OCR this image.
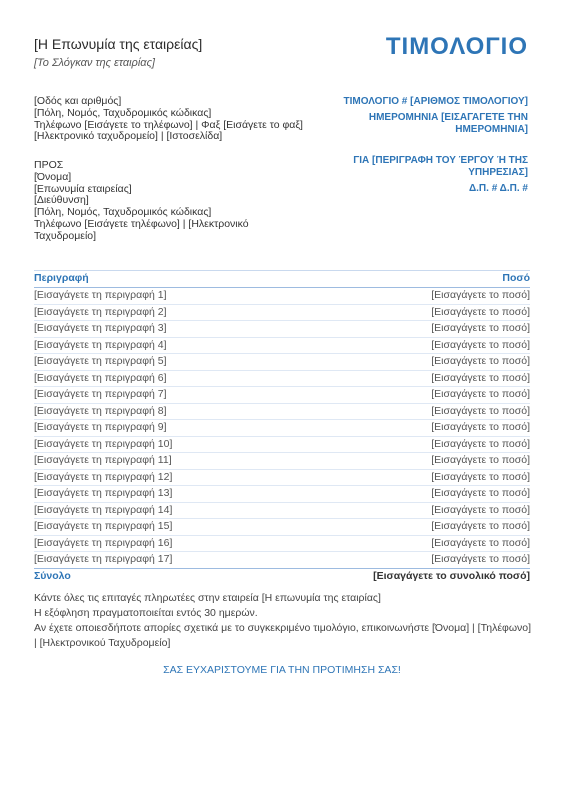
[Η Επωνυμία της εταιρείας]
[Το Σλόγκαν της εταιρίας]
ΤΙΜΟΛΟΓΙΟ
[Οδός και αριθμός]
[Πόλη, Νομός, Ταχυδρομικός κώδικας]
Τηλέφωνο [Εισάγετε το τηλέφωνο] | Φαξ [Εισάγετε το φαξ]
[Ηλεκτρονικό ταχυδρομείο] | [Ιστοσελίδα]
ΤΙΜΟΛΟΓΙΟ # [ΑΡΙΘΜΟΣ ΤΙΜΟΛΟΓΙΟΥ]
ΗΜΕΡΟΜΗΝΙΑ [ΕΙΣΑΓΑΓΕΤΕ ΤΗΝ ΗΜΕΡΟΜΗΝΙΑ]
ΓΙΑ [ΠΕΡΙΓΡΑΦΗ ΤΟΥ ΈΡΓΟΥ Ή ΤΗΣ ΥΠΗΡΕΣΙΑΣ]
Δ.Π. # Δ.Π. #
ΠΡΟΣ
[Όνομα]
[Επωνυμία εταιρείας]
[Διεύθυνση]
[Πόλη, Νομός, Ταχυδρομικός κώδικας]
Τηλέφωνο [Εισάγετε τηλέφωνο] | [Ηλεκτρονικό Ταχυδρομείο]
Περιγραφή	Ποσό
[Εισαγάγετε τη περιγραφή 1]	[Εισαγάγετε το ποσό]
[Εισαγάγετε τη περιγραφή 2]	[Εισαγάγετε το ποσό]
[Εισαγάγετε τη περιγραφή 3]	[Εισαγάγετε το ποσό]
[Εισαγάγετε τη περιγραφή 4]	[Εισαγάγετε το ποσό]
[Εισαγάγετε τη περιγραφή 5]	[Εισαγάγετε το ποσό]
[Εισαγάγετε τη περιγραφή 6]	[Εισαγάγετε το ποσό]
[Εισαγάγετε τη περιγραφή 7]	[Εισαγάγετε το ποσό]
[Εισαγάγετε τη περιγραφή 8]	[Εισαγάγετε το ποσό]
[Εισαγάγετε τη περιγραφή 9]	[Εισαγάγετε το ποσό]
[Εισαγάγετε τη περιγραφή 10]	[Εισαγάγετε το ποσό]
[Εισαγάγετε τη περιγραφή 11]	[Εισαγάγετε το ποσό]
[Εισαγάγετε τη περιγραφή 12]	[Εισαγάγετε το ποσό]
[Εισαγάγετε τη περιγραφή 13]	[Εισαγάγετε το ποσό]
[Εισαγάγετε τη περιγραφή 14]	[Εισαγάγετε το ποσό]
[Εισαγάγετε τη περιγραφή 15]	[Εισαγάγετε το ποσό]
[Εισαγάγετε τη περιγραφή 16]	[Εισαγάγετε το ποσό]
[Εισαγάγετε τη περιγραφή 17]	[Εισαγάγετε το ποσό]
Σύνολο	[Εισαγάγετε το συνολικό ποσό]
Κάντε όλες τις επιταγές πληρωτέες στην εταιρεία [Η επωνυμία της εταιρίας]
Η εξόφληση πραγματοποιείται εντός 30 ημερών.
Αν έχετε οποιεσδήποτε απορίες σχετικά με το συγκεκριμένο τιμολόγιο, επικοινωνήστε [Όνομα] | [Τηλέφωνο] | [Ηλεκτρονικού Ταχυδρομείο]
ΣΑΣ ΕΥΧΑΡΙΣΤΟΥΜΕ ΓΙΑ ΤΗΝ ΠΡΟΤΙΜΗΣΗ ΣΑΣ!
